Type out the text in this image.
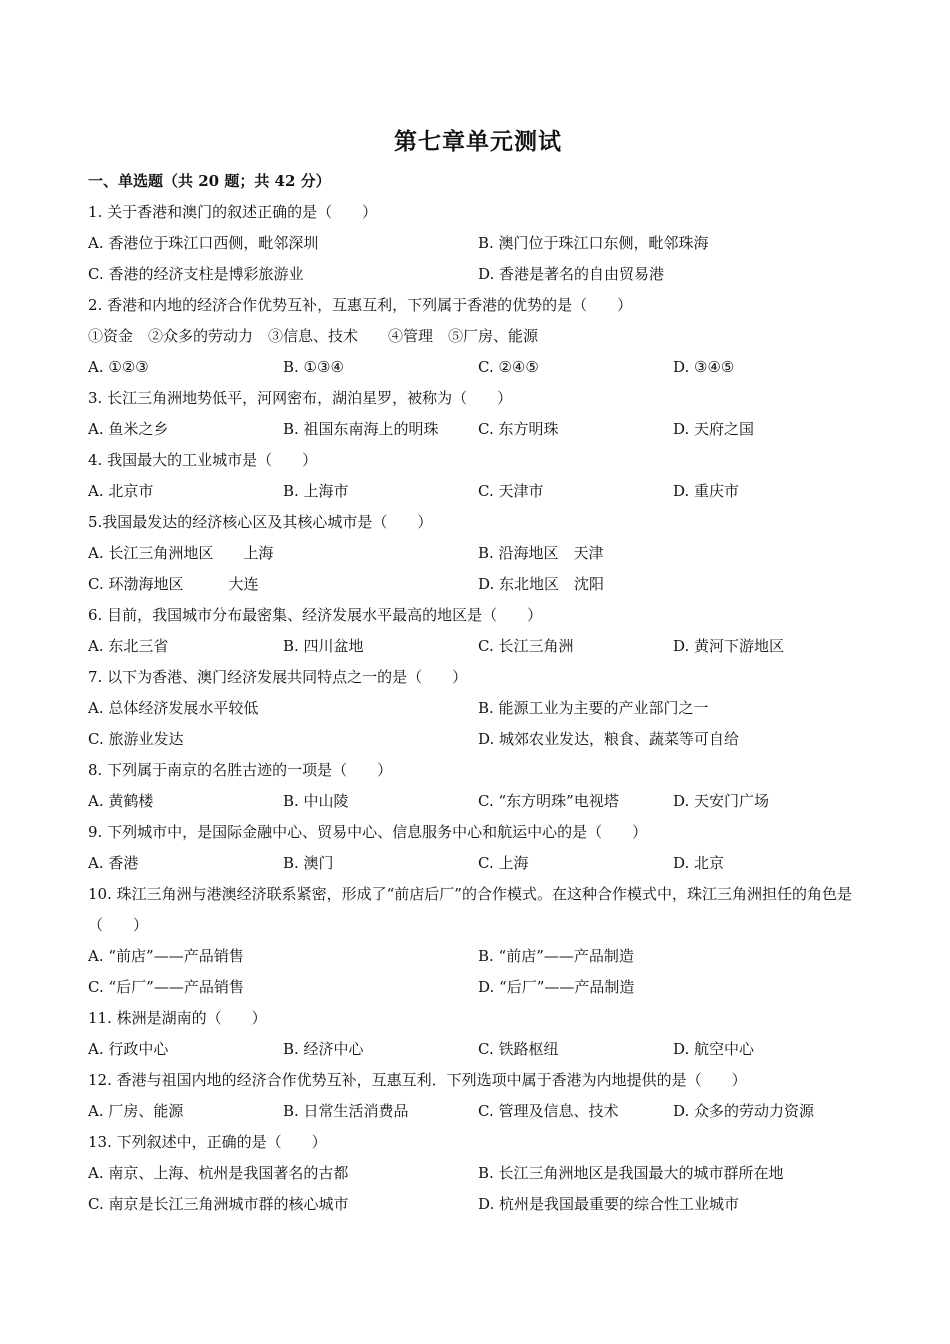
第七章单元测试
一、单选题（共 20 题；共 42 分）
1. 关于香港和澳门的叙述正确的是（　　）
A. 香港位于珠江口西侧，毗邻深圳	B. 澳门位于珠江口东侧，毗邻珠海
C. 香港的经济支柱是博彩旅游业	D. 香港是著名的自由贸易港
2. 香港和内地的经济合作优势互补，互惠互利，下列属于香港的优势的是（　　）
①资金　②众多的劳动力　③信息、技术　　④管理　⑤厂房、能源
A. ①②③	B. ①③④	C. ②④⑤	D. ③④⑤
3. 长江三角洲地势低平，河网密布，湖泊星罗，被称为（　　）
A. 鱼米之乡	B. 祖国东南海上的明珠	C. 东方明珠	D. 天府之国
4. 我国最大的工业城市是（　　）
A. 北京市	B. 上海市	C. 天津市	D. 重庆市
5.我国最发达的经济核心区及其核心城市是（　　）
A. 长江三角洲地区　　上海	B. 沿海地区　天津
C. 环渤海地区　　　大连	D. 东北地区　沈阳
6. 目前，我国城市分布最密集、经济发展水平最高的地区是（　　）
A. 东北三省	B. 四川盆地	C. 长江三角洲	D. 黄河下游地区
7. 以下为香港、澳门经济发展共同特点之一的是（　　）
A. 总体经济发展水平较低	B. 能源工业为主要的产业部门之一
C. 旅游业发达	D. 城郊农业发达，粮食、蔬菜等可自给
8. 下列属于南京的名胜古迹的一项是（　　）
A. 黄鹤楼	B. 中山陵	C. “东方明珠”电视塔	D. 天安门广场
9. 下列城市中，是国际金融中心、贸易中心、信息服务中心和航运中心的是（　　）
A. 香港	B. 澳门	C. 上海	D. 北京
10. 珠江三角洲与港澳经济联系紧密，形成了“前店后厂”的合作模式。在这种合作模式中，珠江三角洲担任的角色是（　　）
A. “前店”——产品销售	B. “前店”——产品制造
C. “后厂”——产品销售	D. “后厂”——产品制造
11. 株洲是湖南的（　　）
A. 行政中心	B. 经济中心	C. 铁路枢纽	D. 航空中心
12. 香港与祖国内地的经济合作优势互补，互惠互利．下列选项中属于香港为内地提供的是（　　）
A. 厂房、能源	B. 日常生活消费品	C. 管理及信息、技术	D. 众多的劳动力资源
13. 下列叙述中，正确的是（　　）
A. 南京、上海、杭州是我国著名的古都	B. 长江三角洲地区是我国最大的城市群所在地
C. 南京是长江三角洲城市群的核心城市	D. 杭州是我国最重要的综合性工业城市
